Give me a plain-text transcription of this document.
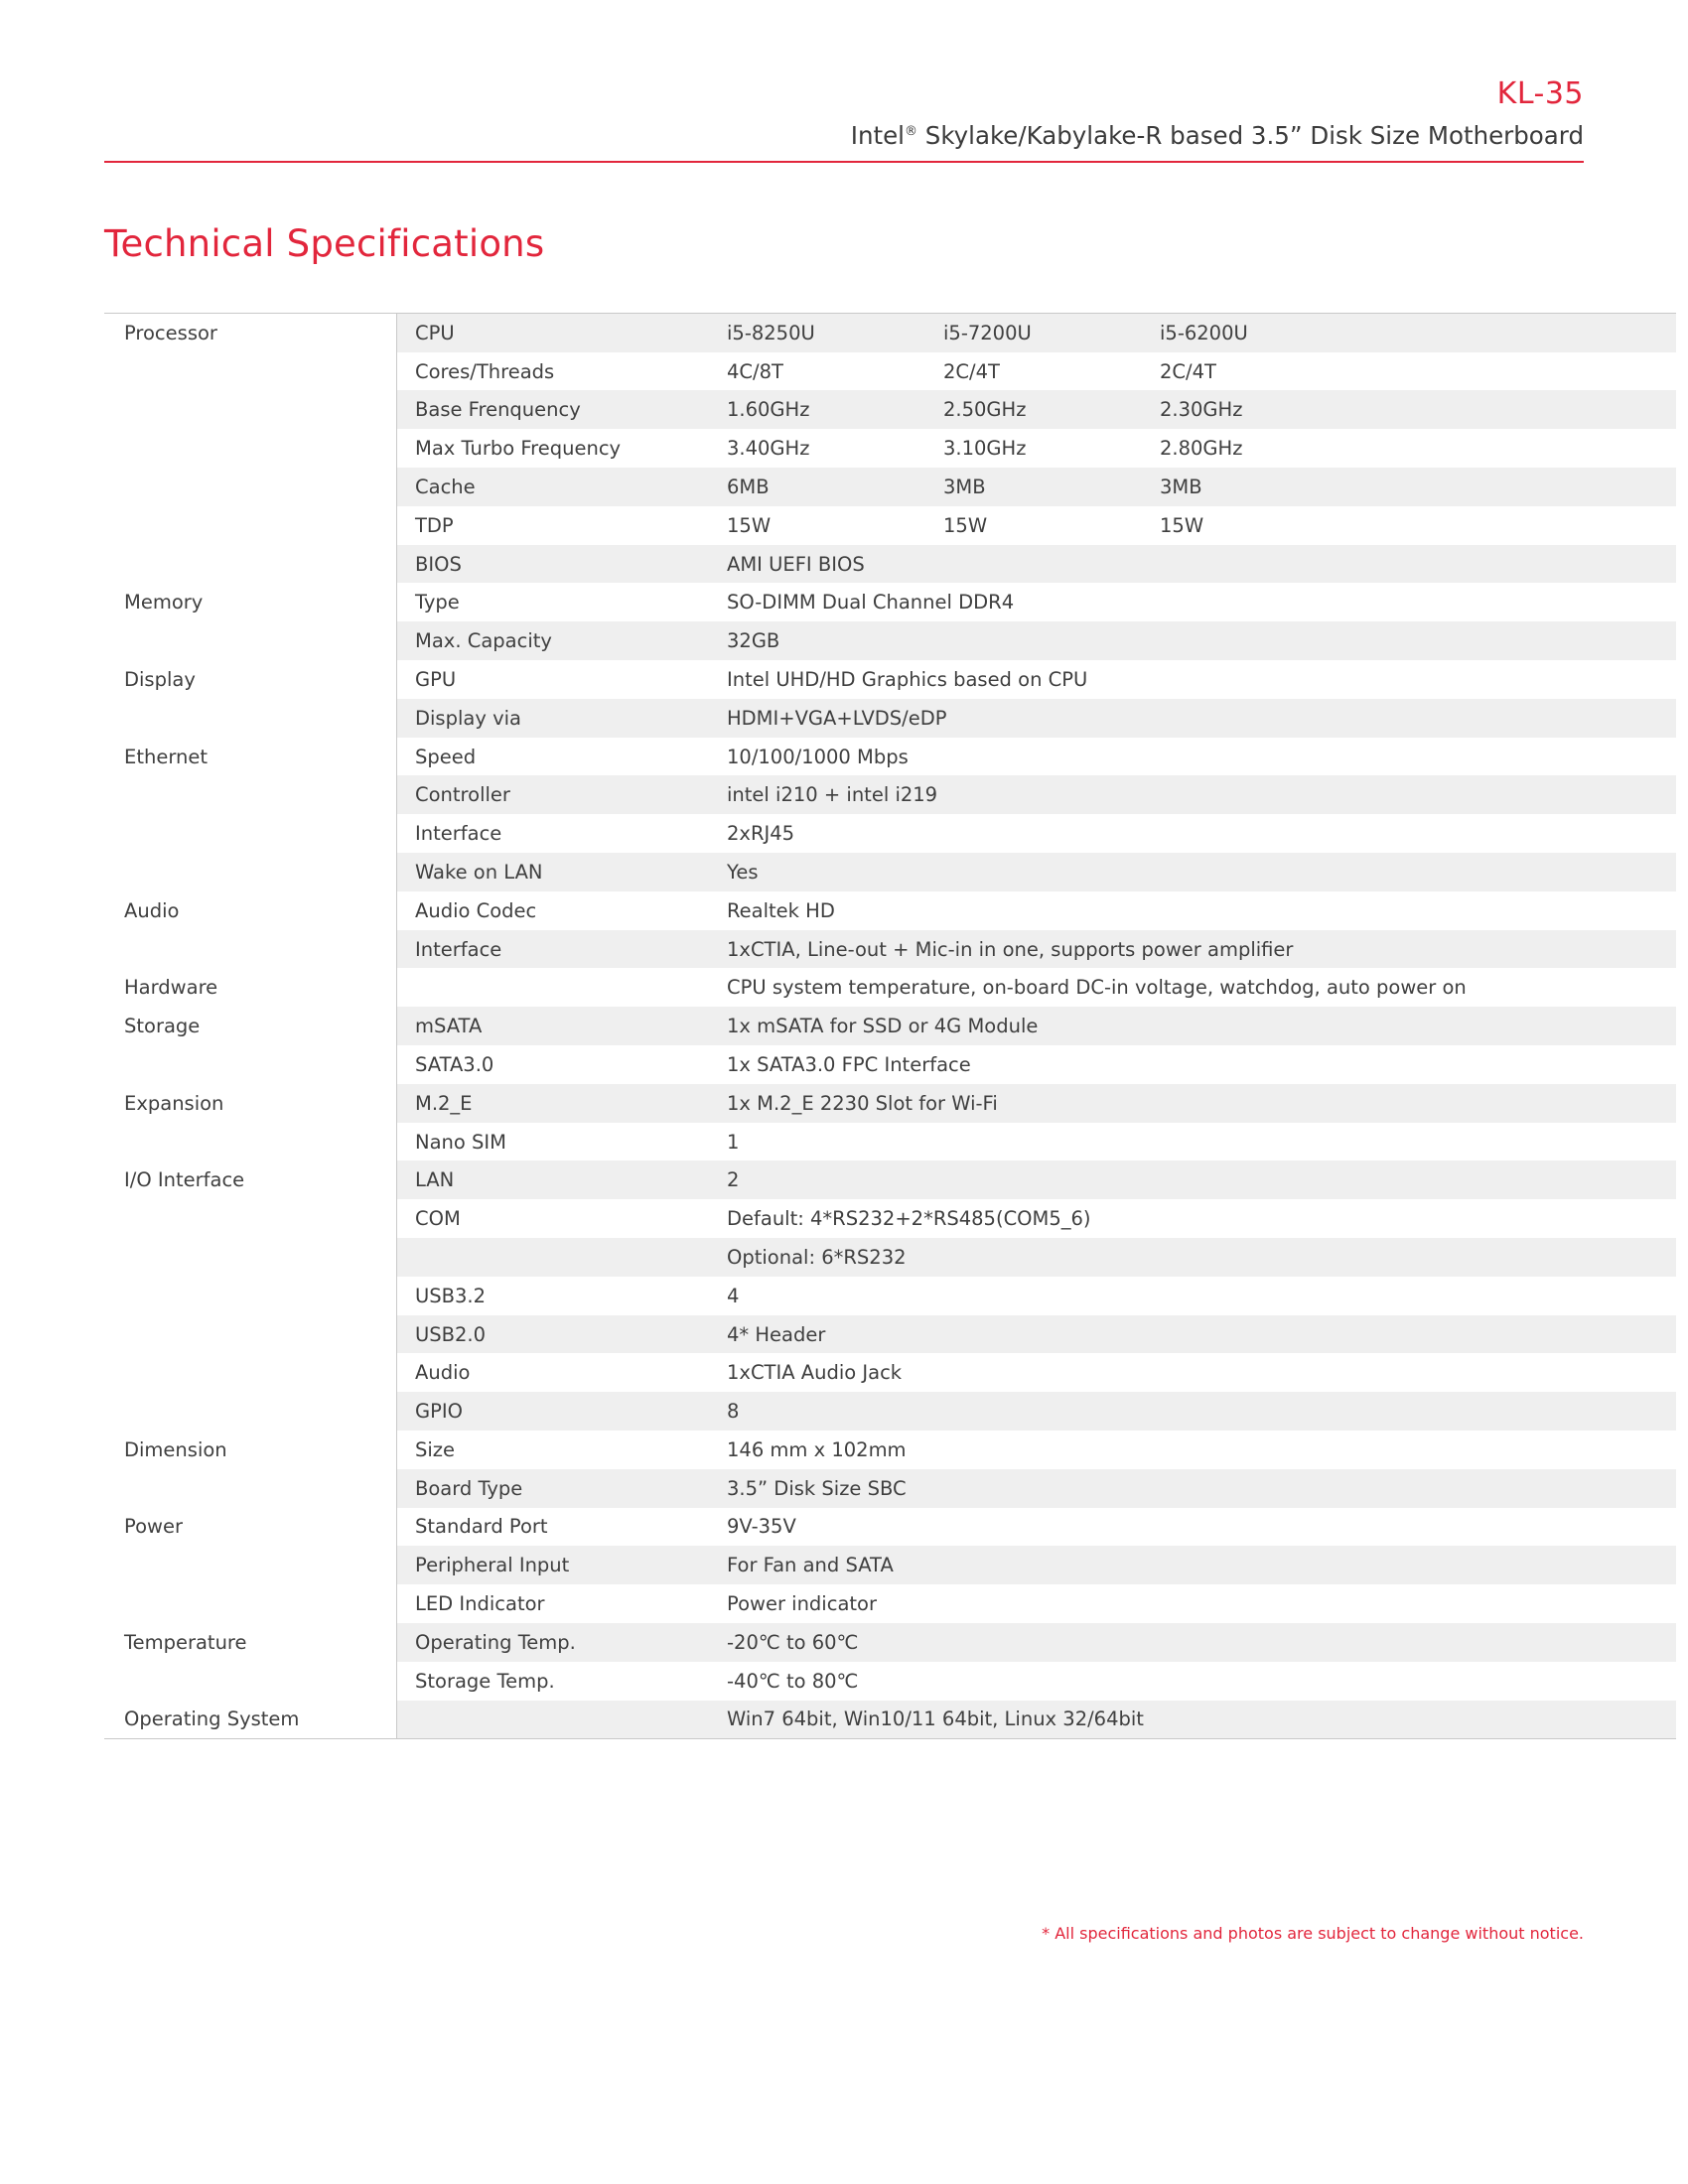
KL-35
Intel® Skylake/Kabylake-R based 3.5” Disk Size Motherboard
Technical Specifications
Processor	CPU	i5-8250U	i5-7200U	i5-6200U
	Cores/Threads	4C/8T	2C/4T	2C/4T
	Base Frenquency	1.60GHz	2.50GHz	2.30GHz
	Max Turbo Frequency	3.40GHz	3.10GHz	2.80GHz
	Cache	6MB	3MB	3MB
	TDP	15W	15W	15W
	BIOS	AMI UEFI BIOS		
Memory	Type	SO-DIMM Dual Channel DDR4		
	Max. Capacity	32GB		
Display	GPU	Intel UHD/HD Graphics based on CPU		
	Display via	HDMI+VGA+LVDS/eDP		
Ethernet	Speed	10/100/1000 Mbps		
	Controller	intel i210 + intel i219		
	Interface	2xRJ45		
	Wake on LAN	Yes		
Audio	Audio Codec	Realtek HD		
	Interface	1xCTIA, Line-out + Mic-in in one, supports power amplifier		
Hardware		CPU system temperature, on-board DC-in voltage, watchdog, auto power on		
Storage	mSATA	1x mSATA for SSD or 4G Module		
	SATA3.0	1x SATA3.0 FPC Interface		
Expansion	M.2_E	1x M.2_E 2230 Slot for Wi-Fi		
	Nano SIM	1		
I/O Interface	LAN	2		
	COM	Default: 4*RS232+2*RS485(COM5_6)		
		Optional: 6*RS232		
	USB3.2	4		
	USB2.0	4* Header		
	Audio	1xCTIA Audio Jack		
	GPIO	8		
Dimension	Size	146 mm x 102mm		
	Board Type	3.5” Disk Size SBC		
Power	Standard Port	9V-35V		
	Peripheral Input	For Fan and SATA		
	LED Indicator	Power indicator		
Temperature	Operating Temp.	-20℃ to 60℃		
	Storage Temp.	-40℃ to 80℃		
Operating System		Win7 64bit, Win10/11 64bit, Linux 32/64bit		
* All specifications and photos are subject to change without notice.
